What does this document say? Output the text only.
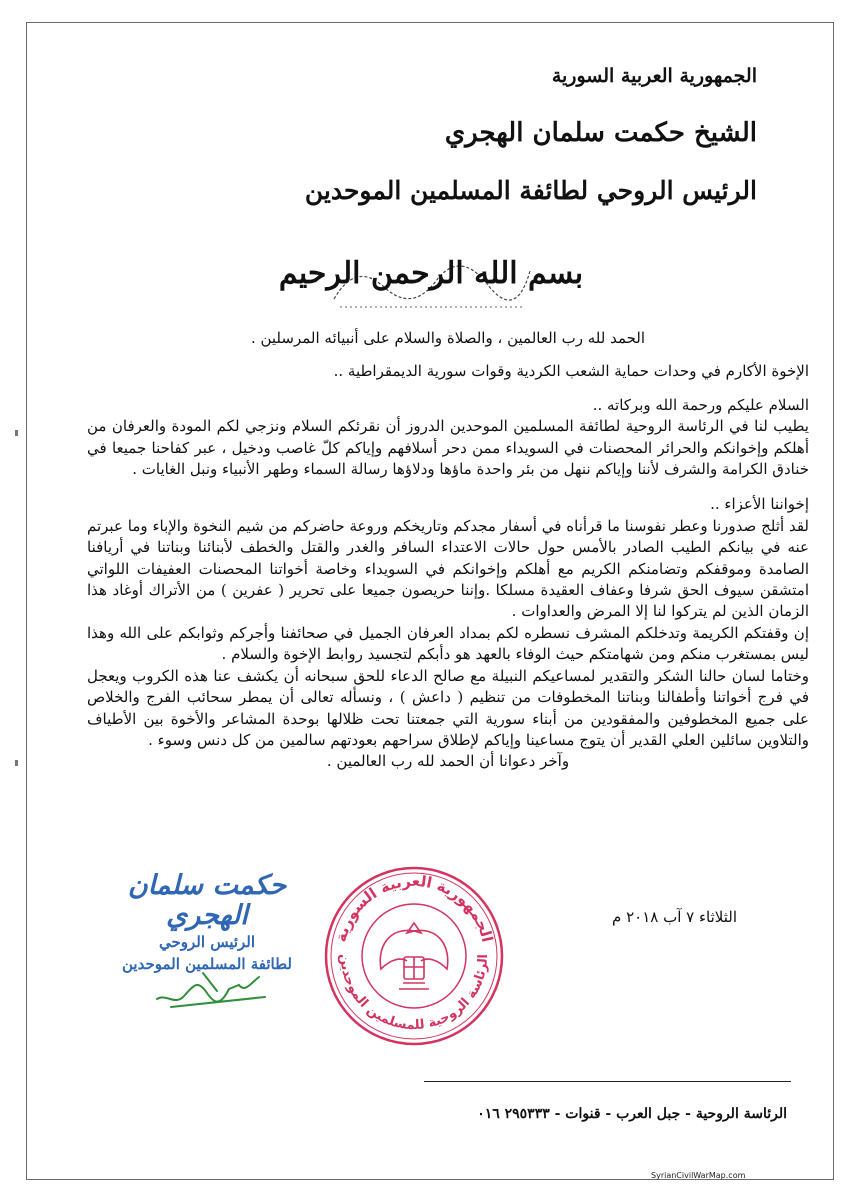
الجمهورية العربية السورية
الشيخ حكمت سلمان الهجري
الرئيس الروحي لطائفة المسلمين الموحدين
بسم الله الرحمن الرحيم

الحمد لله رب العالمين ، والصلاة والسلام على أنبيائه المرسلين .

الإخوة الأكارم في وحدات حماية الشعب الكردية وقوات سورية الديمقراطية ..

السلام عليكم ورحمة الله وبركاته ..

يطيب لنا في الرئاسة الروحية لطائفة المسلمين الموحدين الدروز أن نقرئكم السلام ونزجي لكم المودة والعرفان من أهلكم وإخوانكم والحرائر المحصنات في السويداء ممن دحر أسلافهم وإياكم كلّ غاصب ودخيل ، عبر كفاحنا جميعا في خنادق الكرامة والشرف لأننا وإياكم ننهل من بئر واحدة ماؤها ودلاؤها رسالة السماء وطهر الأنبياء ونبل الغايات .

إخواننا الأعزاء ..

لقد أثلج صدورنا وعطر نفوسنا ما قرأناه في أسفار مجدكم وتاريخكم وروعة حاضركم من شيم النخوة والإباء وما عبرتم عنه في بيانكم الطيب الصادر بالأمس حول حالات الاعتداء السافر والغدر والقتل والخطف لأبنائنا وبناتنا في أريافنا الصامدة وموقفكم وتضامنكم الكريم مع أهلكم وإخوانكم في السويداء وخاصة أخواتنا المحصنات العفيفات اللواتي امتشقن سيوف الحق شرفا وعفاف العقيدة مسلكا .وإننا حريصون جميعا على تحرير ( عفرين ) من الأتراك أوغاد هذا الزمان الذين لم يتركوا لنا إلا المرض والعداوات .

إن وقفتكم الكريمة وتدخلكم المشرف نسطره لكم بمداد العرفان الجميل في صحائفنا وأجركم وثوابكم على الله وهذا ليس بمستغرب منكم ومن شهامتكم حيث الوفاء بالعهد هو دأبكم لتجسيد روابط الإخوة والسلام .

وختاما لسان حالنا الشكر والتقدير لمساعيكم النبيلة مع صالح الدعاء للحق سبحانه أن يكشف عنا هذه الكروب ويعجل في فرج أخواتنا وأطفالنا وبناتنا المخطوفات من تنظيم ( داعش ) ، ونسأله تعالى أن يمطر سحائب الفرج والخلاص على جميع المخطوفين والمفقودين من أبناء سورية التي جمعتنا تحت ظلالها بوحدة المشاعر والأخوة بين الأطياف والتلاوين سائلين العلي القدير أن يتوج مساعينا وإياكم لإطلاق سراحهم بعودتهم سالمين من كل دنس وسوء .

وآخر دعوانا أن الحمد لله رب العالمين .

الثلاثاء ٧ آب ٢٠١٨ م
حكمت سلمان الهجري
الرئيس الروحي
لطائفة المسلمين الموحدين
الجمهورية العربية السورية
الرئاسة الروحية للمسلمين الموحدين
الرئاسة الروحية - جبل العرب - قنوات - ٢٩٥٣٣٣ ٠١٦
SyrianCivilWarMap.com
